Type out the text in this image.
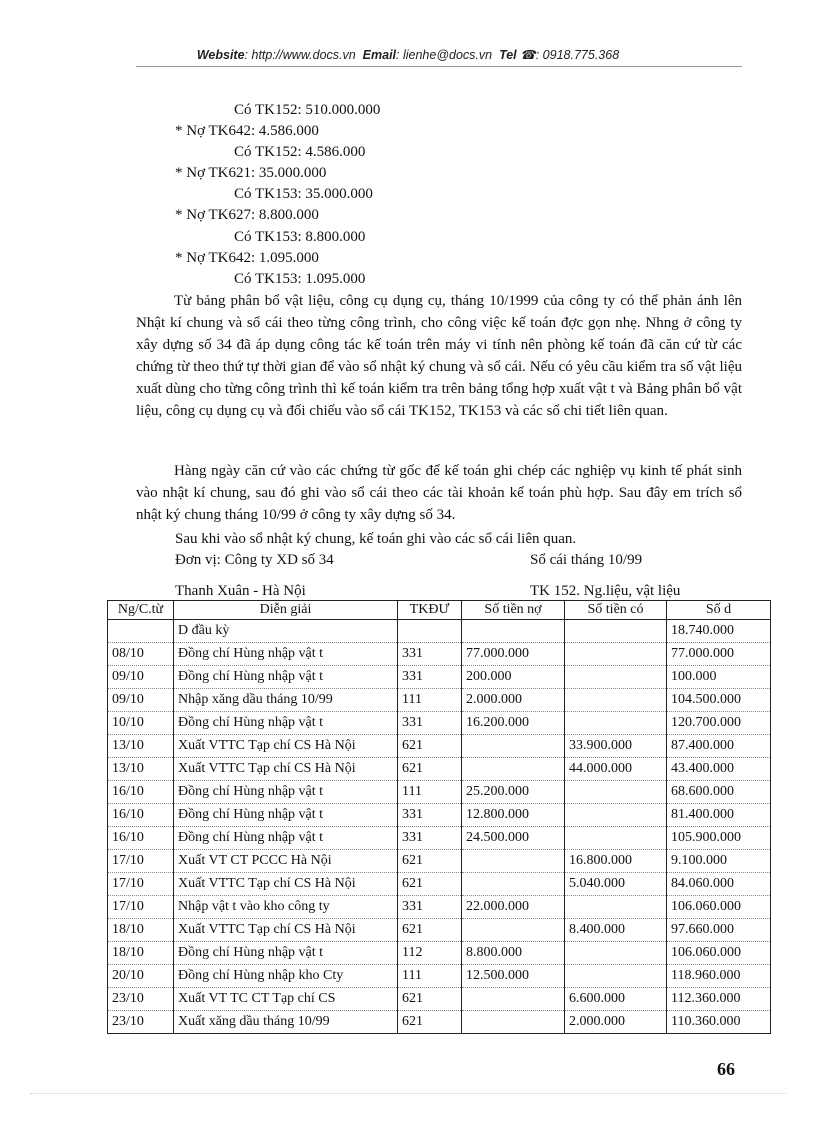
Website: http://www.docs.vn Email: lienhe@docs.vn Tel ☎: 0918.775.368
Có TK152: 510.000.000
* Nợ TK642: 4.586.000
Có TK152: 4.586.000
* Nợ TK621: 35.000.000
Có TK153: 35.000.000
* Nợ TK627: 8.800.000
Có TK153: 8.800.000
* Nợ TK642: 1.095.000
Có TK153: 1.095.000
Từ bảng phân bổ vật liệu, công cụ dụng cụ, tháng 10/1999 của công ty có thể phản ánh lên Nhật kí chung và sổ cái theo từng công trình, cho công việc kế toán đợc gọn nhẹ. Nhng ở công ty xây dựng số 34 đã áp dụng công tác kế toán trên máy vi tính nên phòng kế toán đã căn cứ từ các chứng từ theo thứ tự thời gian để vào sổ nhật ký chung và sổ cái. Nếu có yêu cầu kiểm tra số vật liệu xuất dùng cho từng công trình thì kế toán kiểm tra trên bảng tổng hợp xuất vật t và Bảng phân bổ vật liệu, công cụ dụng cụ và đối chiếu vào sổ cái TK152, TK153 và các sổ chi tiết liên quan.
Hàng ngày căn cứ vào các chứng từ gốc để kế toán ghi chép các nghiệp vụ kinh tế phát sinh vào nhật kí chung, sau đó ghi vào sổ cái theo các tài khoản kế toán phù hợp. Sau đây em trích sổ nhật ký chung tháng 10/99 ở công ty xây dựng số 34.
Sau khi vào sổ nhật ký chung, kế toán ghi vào các sổ cái liên quan.
Đơn vị: Công ty XD số 34	Sổ cái tháng 10/99
Thanh Xuân - Hà Nội	TK 152. Ng.liệu, vật liệu
Ng/C.từ	Diễn giải	TKĐƯ	Số tiền nợ	Số tiền có	Số d
	D đầu kỳ				18.740.000
08/10	Đồng chí Hùng nhập vật t	331	77.000.000		77.000.000
09/10	Đồng chí Hùng nhập vật t	331	200.000		100.000
09/10	Nhập xăng dầu tháng 10/99	111	2.000.000		104.500.000
10/10	Đồng chí Hùng nhập vật t	331	16.200.000		120.700.000
13/10	Xuất VTTC Tạp chí CS Hà Nội	621		33.900.000	87.400.000
13/10	Xuất VTTC Tạp chí CS Hà Nội	621		44.000.000	43.400.000
16/10	Đồng chí Hùng nhập vật t	111	25.200.000		68.600.000
16/10	Đồng chí Hùng nhập vật t	331	12.800.000		81.400.000
16/10	Đồng chí Hùng nhập vật t	331	24.500.000		105.900.000
17/10	Xuất VT CT PCCC Hà Nội	621		16.800.000	9.100.000
17/10	Xuất VTTC Tạp chí CS Hà Nội	621		5.040.000	84.060.000
17/10	Nhập vật t vào kho công ty	331	22.000.000		106.060.000
18/10	Xuất VTTC Tạp chí CS Hà Nội	621		8.400.000	97.660.000
18/10	Đồng chí Hùng nhập vật t	112	8.800.000		106.060.000
20/10	Đồng chí Hùng nhập kho Cty	111	12.500.000		118.960.000
23/10	Xuất VT TC CT Tạp chí CS	621		6.600.000	112.360.000
23/10	Xuất xăng dầu tháng 10/99	621		2.000.000	110.360.000
66
